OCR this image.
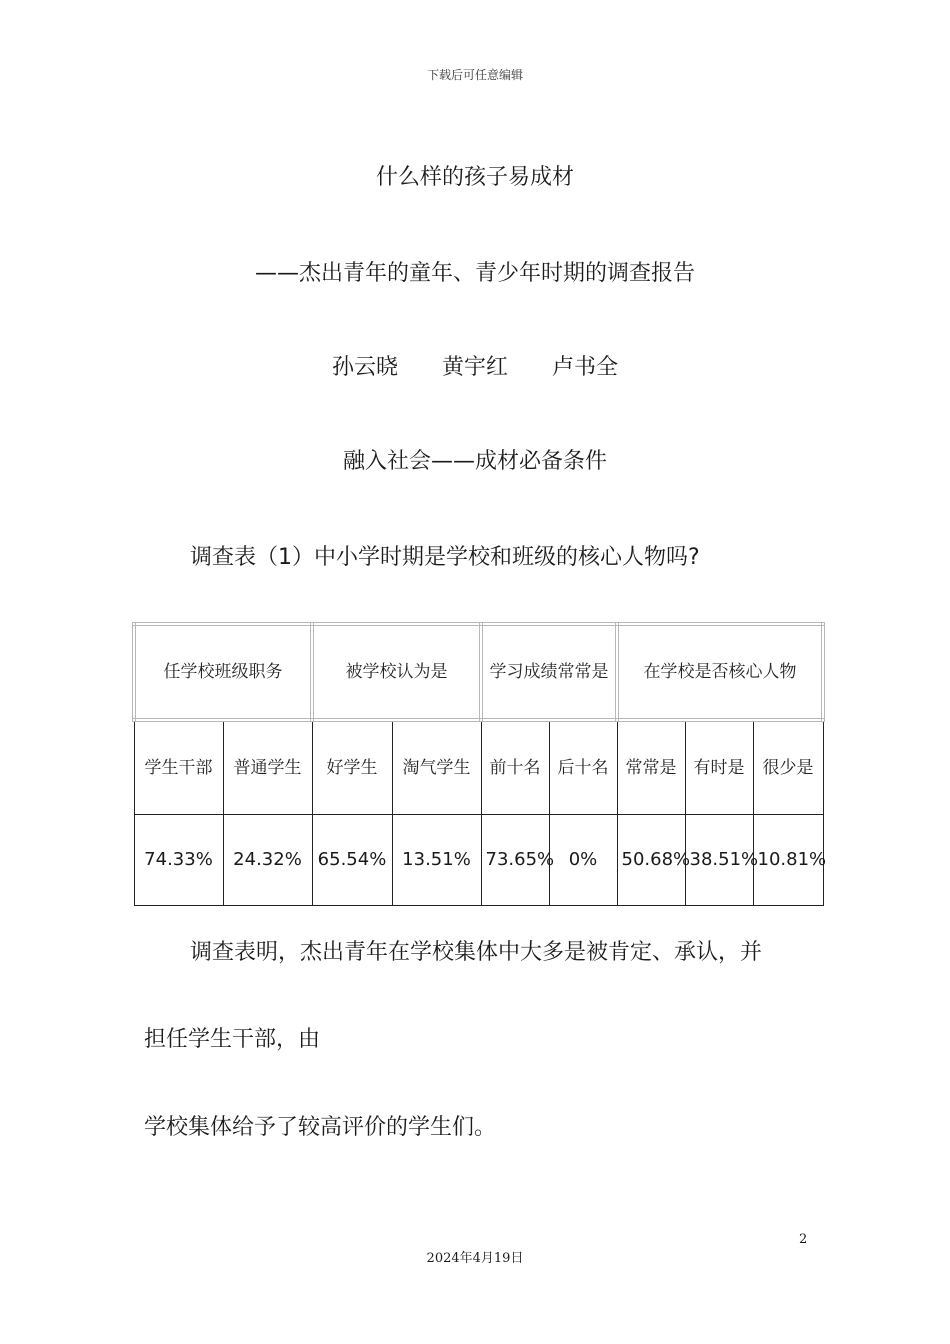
下载后可任意编辑
什么样的孩子易成材
——杰出青年的童年、青少年时期的调查报告
孙云晓 黄宇红 卢书全
融入社会——成材必备条件
调查表（1）中小学时期是学校和班级的核心人物吗?
任学校班级职务		被学校认为是		学习成绩常常是		在学校是否核心人物		
学生干部	普通学生	好学生	淘气学生	前十名	后十名	常常是	有时是	很少是
74.33%	24.32%	65.54%	13.51%	73.65%	0%	50.68%	38.51%	10.81%
调查表明，杰出青年在学校集体中大多是被肯定、承认，并
担任学生干部，由
学校集体给予了较高评价的学生们。
2
2024年4月19日
